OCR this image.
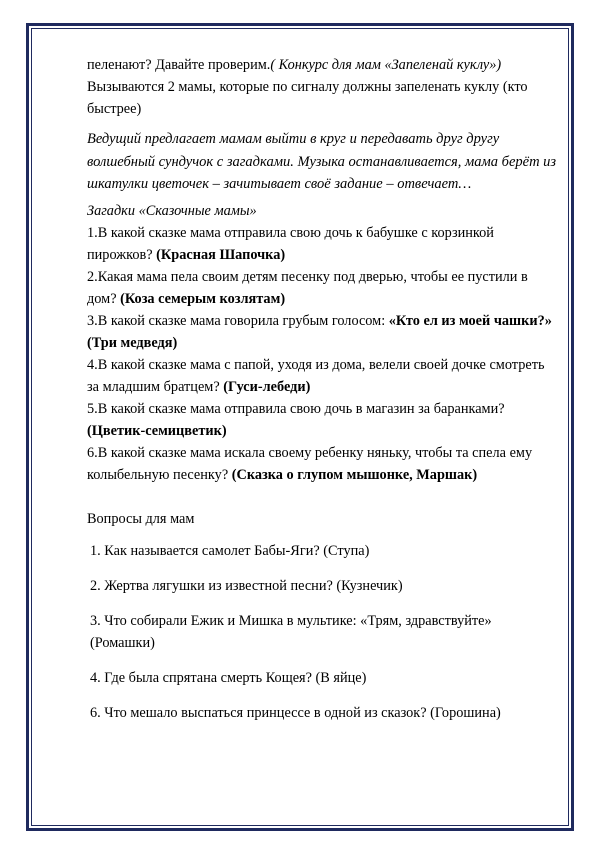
пеленают? Давайте проверим.( Конкурс для мам «Запеленай куклу») Вызываются 2 мамы, которые по сигналу должны запеленать куклу (кто быстрее)

Ведущий предлагает мамам выйти в круг и передавать друг другу волшебный сундучок с загадками. Музыка останавливается, мама берёт из шкатулки цветочек – зачитывает своё задание – отвечает…

Загадки «Сказочные мамы»

1.В какой сказке мама отправила свою дочь к бабушке с корзинкой пирожков? (Красная Шапочка)

2.Какая мама пела своим детям песенку под дверью, чтобы ее пустили в дом? (Коза семерым козлятам)

3.В какой сказке мама говорила грубым голосом: «Кто ел из моей чашки?» (Три медведя)

4.В какой сказке мама с папой, уходя из дома, велели своей дочке смотреть за младшим братцем? (Гуси-лебеди)

5.В какой сказке мама отправила свою дочь в магазин за баранками? (Цветик-семицветик)

6.В какой сказке мама искала своему ребенку няньку, чтобы та спела ему колыбельную песенку? (Сказка о глупом мышонке, Маршак)

Вопросы для мам

1. Как называется самолет Бабы-Яги? (Ступа)

2. Жертва лягушки из известной песни? (Кузнечик)

3. Что собирали Ежик и Мишка в мультике: «Трям, здравствуйте» (Ромашки)

4. Где была спрятана смерть Кощея? (В яйце)

6. Что мешало выспаться принцессе в одной из сказок? (Горошина)
